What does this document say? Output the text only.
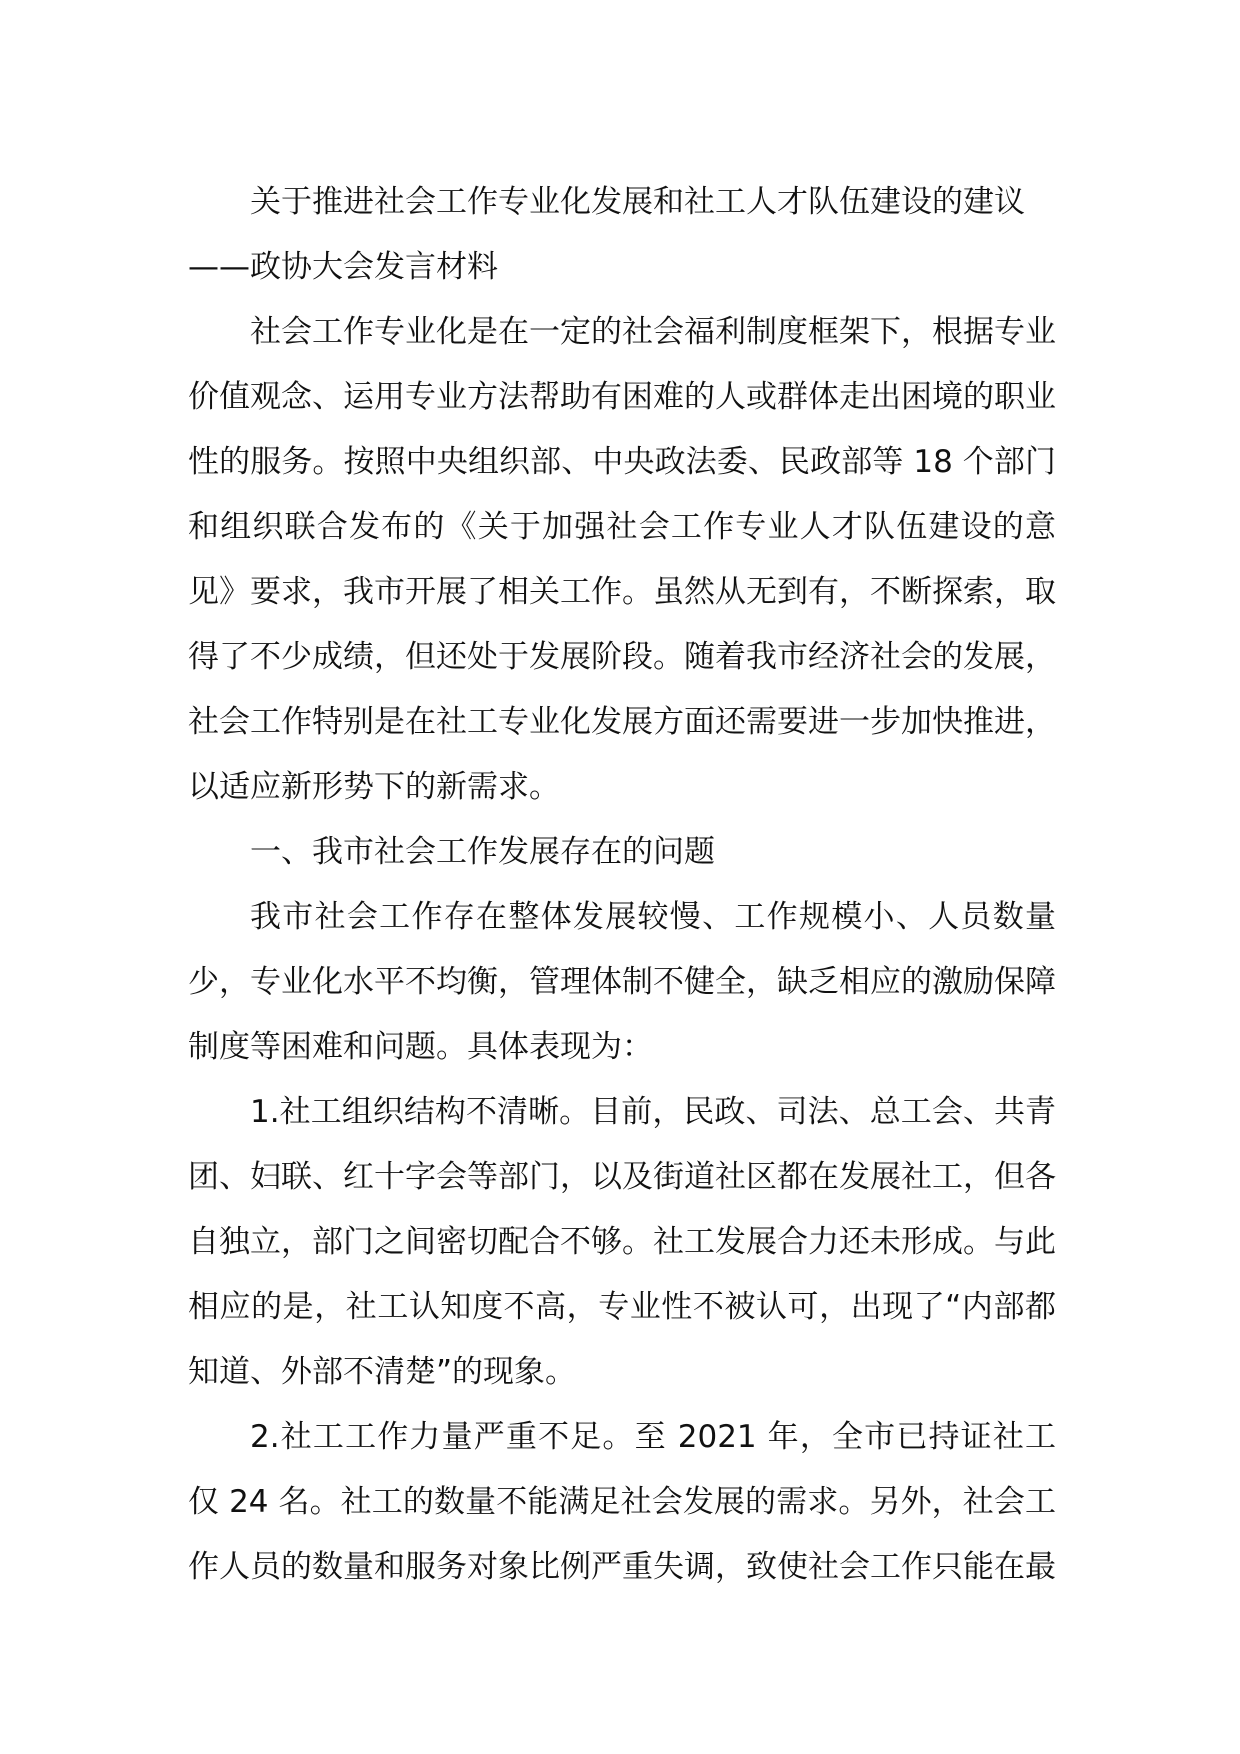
关于推进社会工作专业化发展和社工人才队伍建设的建议

——政协大会发言材料

社会工作专业化是在一定的社会福利制度框架下，根据专业价值观念、运用专业方法帮助有困难的人或群体走出困境的职业性的服务。按照中央组织部、中央政法委、民政部等 18 个部门和组织联合发布的《关于加强社会工作专业人才队伍建设的意见》要求，我市开展了相关工作。虽然从无到有，不断探索，取得了不少成绩，但还处于发展阶段。随着我市经济社会的发展，社会工作特别是在社工专业化发展方面还需要进一步加快推进，以适应新形势下的新需求。

一、我市社会工作发展存在的问题

我市社会工作存在整体发展较慢、工作规模小、人员数量少，专业化水平不均衡，管理体制不健全，缺乏相应的激励保障制度等困难和问题。具体表现为：

1.社工组织结构不清晰。目前，民政、司法、总工会、共青团、妇联、红十字会等部门，以及街道社区都在发展社工，但各自独立，部门之间密切配合不够。社工发展合力还未形成。与此相应的是，社工认知度不高，专业性不被认可，出现了“内部都知道、外部不清楚”的现象。

2.社工工作力量严重不足。至 2021 年，全市已持证社工仅 24 名。社工的数量不能满足社会发展的需求。另外，社会工作人员的数量和服务对象比例严重失调，致使社会工作只能在最
